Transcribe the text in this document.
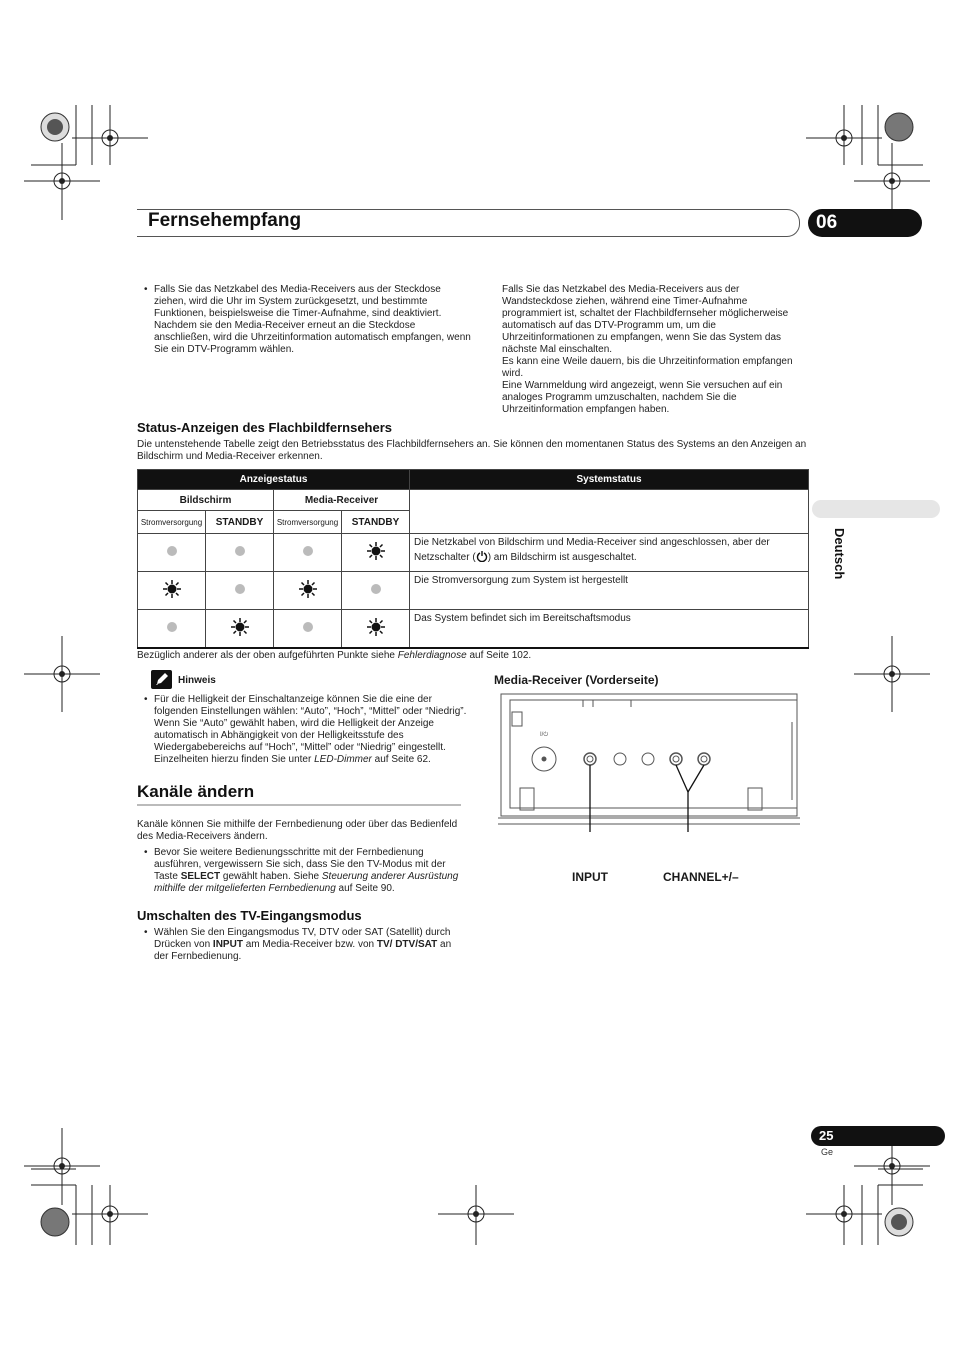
Fernsehempfang	06
Deutsch
• Falls Sie das Netzkabel des Media-Receivers aus der Steckdose ziehen, wird die Uhr im System zurückgesetzt, und bestimmte Funktionen, beispielsweise die Timer-Aufnahme, sind deaktiviert. Nachdem sie den Media-Receiver erneut an die Steckdose anschließen, wird die Uhrzeitinformation automatisch empfangen, wenn Sie ein DTV-Programm wählen.
Falls Sie das Netzkabel des Media-Receivers aus der Wandsteckdose ziehen, während eine Timer-Aufnahme programmiert ist, schaltet der Flachbildfernseher möglicherweise automatisch auf das DTV-Programm um, um die Uhrzeitinformationen zu empfangen, wenn Sie das System das nächste Mal einschalten.
Es kann eine Weile dauern, bis die Uhrzeitinformation empfangen wird.
Eine Warnmeldung wird angezeigt, wenn Sie versuchen auf ein analoges Programm umzuschalten, nachdem Sie die Uhrzeitinformation empfangen haben.
Status-Anzeigen des Flachbildfernsehers
Die untenstehende Tabelle zeigt den Betriebsstatus des Flachbildfernsehers an. Sie können den momentanen Status des Systems an den Anzeigen an Bildschirm und Media-Receiver erkennen.
Anzeigestatus				Systemstatus
Bildschirm		Media-Receiver		
Stromversorgung	STANDBY	Stromversorgung	STANDBY	
				Die Netzkabel von Bildschirm und Media-Receiver sind angeschlossen, aber der Netzschalter ( ) am Bildschirm ist ausgeschaltet.
				Die Stromversorgung zum System ist hergestellt
				Das System befindet sich im Bereitschaftsmodus
Bezüglich anderer als der oben aufgeführten Punkte siehe Fehlerdiagnose auf Seite 102.
Hinweis
• Für die Helligkeit der Einschaltanzeige können Sie die eine der folgenden Einstellungen wählen: “Auto”, “Hoch”, “Mittel” oder “Niedrig”. Wenn Sie “Auto” gewählt haben, wird die Helligkeit der Anzeige automatisch in Abhängigkeit von der Helligkeitsstufe des Wiedergabebereichs auf “Hoch”, “Mittel” oder “Niedrig” eingestellt. Einzelheiten hierzu finden Sie unter LED-Dimmer auf Seite 62.
Kanäle ändern
Kanäle können Sie mithilfe der Fernbedienung oder über das Bedienfeld des Media-Receivers ändern.
• Bevor Sie weitere Bedienungsschritte mit der Fernbedienung ausführen, vergewissern Sie sich, dass Sie den TV-Modus mit der Taste SELECT gewählt haben. Siehe Steuerung anderer Ausrüstung mithilfe der mitgelieferten Fernbedienung auf Seite 90.
Umschalten des TV-Eingangsmodus
• Wählen Sie den Eingangsmodus TV, DTV oder SAT (Satellit) durch Drücken von INPUT am Media-Receiver bzw. von TV/ DTV/SAT an der Fernbedienung.
Media-Receiver (Vorderseite)
I/⏻
INPUT	CHANNEL+/–
25
Ge
